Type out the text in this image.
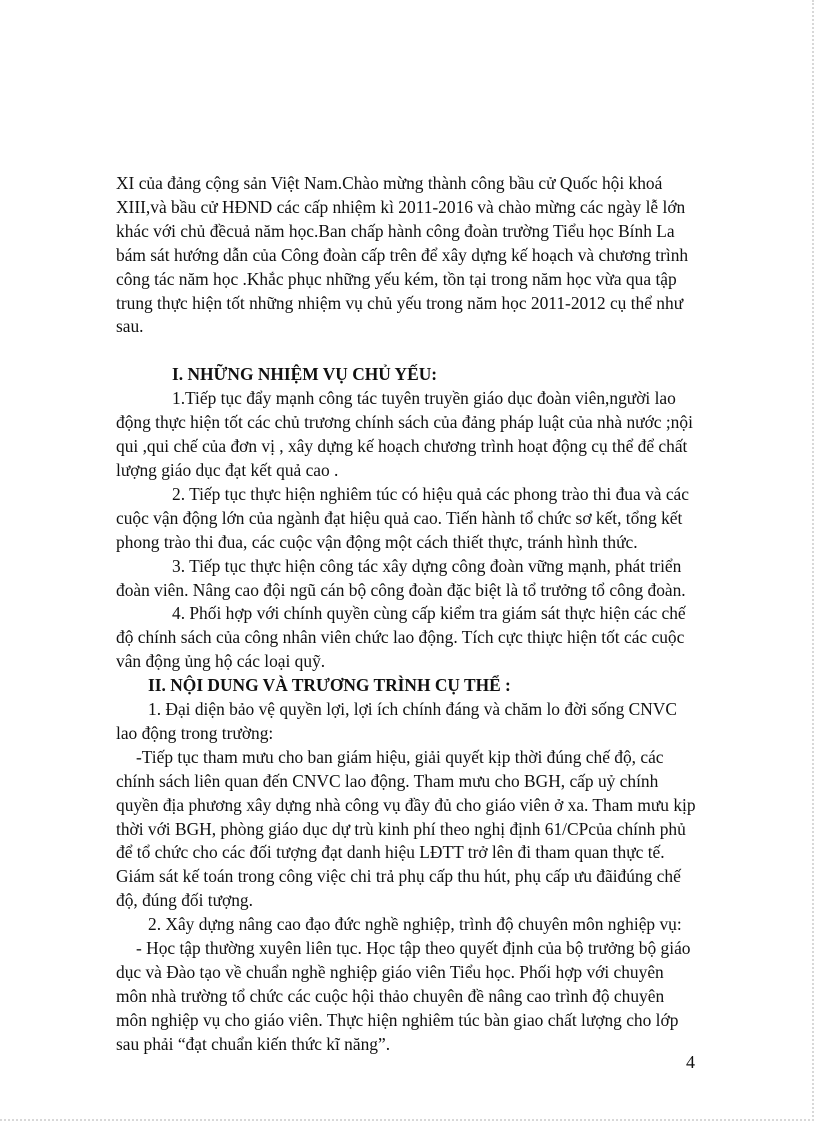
XI của đảng cộng sản Việt Nam.Chào mừng thành công bầu cử Quốc hội khoá XIII,và bầu cử HĐND các cấp nhiệm kì 2011-2016 và chào mừng các ngày lễ lớn khác với chủ đềcuả năm học.Ban chấp hành công đoàn trường Tiểu học Bính La bám sát hướng dẫn của Công đoàn cấp trên để xây dựng kế hoạch và chương trình công tác năm học .Khắc phục những yếu kém, tồn tại trong năm học vừa qua tập trung thực hiện tốt những nhiệm vụ chủ yếu trong năm học 2011-2012 cụ thể như sau.

I. NHỮNG NHIỆM VỤ CHỦ YẾU:

1.Tiếp tục đẩy mạnh công tác tuyên truyền giáo dục đoàn viên,người lao động thực hiện tốt các chủ trương chính sách của đảng pháp luật của nhà nước ;nội qui ,qui chế của đơn vị , xây dựng kế hoạch chương trình hoạt động cụ thể để chất lượng giáo dục đạt kết quả cao .

2. Tiếp tục thực hiện nghiêm túc có hiệu quả các phong trào thi đua và các cuộc vận động lớn của ngành đạt hiệu quả cao. Tiến hành tổ chức sơ kết, tổng kết phong trào thi đua, các cuộc vận động một cách thiết thực, tránh hình thức.

3. Tiếp tục thực hiện công tác xây dựng công đoàn vững mạnh, phát triển đoàn viên. Nâng cao đội ngũ cán bộ công đoàn đặc biệt là tổ trưởng tổ công đoàn.

4. Phối hợp với chính quyền cùng cấp kiểm tra giám sát thực hiện các chế độ chính sách của công nhân viên chức lao động. Tích cực thiực hiện tốt các cuộc vân động ủng hộ các loại quỹ.

II. NỘI DUNG VÀ TRƯƠNG TRÌNH CỤ THỂ :

1. Đại diện bảo vệ quyền lợi, lợi ích chính đáng và chăm lo đời sống CNVC lao động trong trường:

-Tiếp tục tham mưu cho ban giám hiệu, giải quyết kịp thời đúng chế độ, các chính sách liên quan đến CNVC lao động. Tham mưu cho BGH, cấp uỷ chính quyền địa phương xây dựng nhà công vụ đầy đủ cho giáo viên ở xa. Tham mưu kịp thời với BGH, phòng giáo dục dự trù kinh phí theo nghị định 61/CPcủa chính phủ để tổ chức cho các đối tượng đạt danh hiệu LĐTT trở lên đi tham quan thực tế. Giám sát kế toán trong công việc chi trả phụ cấp thu hút, phụ cấp ưu đãiđúng chế độ, đúng đối tượng.

2. Xây dựng nâng cao đạo đức nghề nghiệp, trình độ chuyên môn nghiệp vụ:

- Học tập thường xuyên liên tục. Học tập theo quyết định của bộ trưởng bộ giáo dục và Đào tạo về chuẩn nghề nghiệp giáo viên Tiểu học. Phối hợp với chuyên môn nhà trường tổ chức các cuộc hội thảo chuyên đề nâng cao trình độ chuyên môn nghiệp vụ cho giáo viên. Thực hiện nghiêm túc bàn giao chất lượng cho lớp sau phải “đạt chuẩn kiến thức kĩ năng”.

4
